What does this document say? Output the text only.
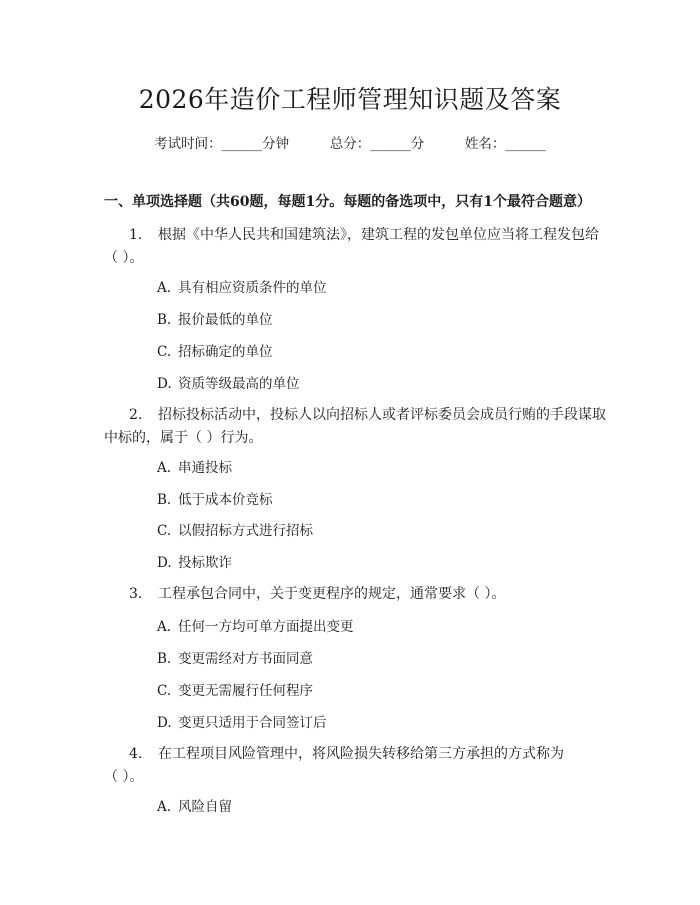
2026年造价工程师管理知识题及答案
考试时间：______分钟	总分：______分	姓名：______
一、单项选择题（共60题，每题1分。每题的备选项中，只有1个最符合题意）
1. 根据《中华人民共和国建筑法》，建筑工程的发包单位应当将工程发包给
（ ）。
A. 具有相应资质条件的单位
B. 报价最低的单位
C. 招标确定的单位
D. 资质等级最高的单位
2. 招标投标活动中，投标人以向招标人或者评标委员会成员行贿的手段谋取
中标的，属于（ ）行为。
A. 串通投标
B. 低于成本价竞标
C. 以假招标方式进行招标
D. 投标欺诈
3. 工程承包合同中，关于变更程序的规定，通常要求（ ）。
A. 任何一方均可单方面提出变更
B. 变更需经对方书面同意
C. 变更无需履行任何程序
D. 变更只适用于合同签订后
4. 在工程项目风险管理中，将风险损失转移给第三方承担的方式称为
（ ）。
A. 风险自留
